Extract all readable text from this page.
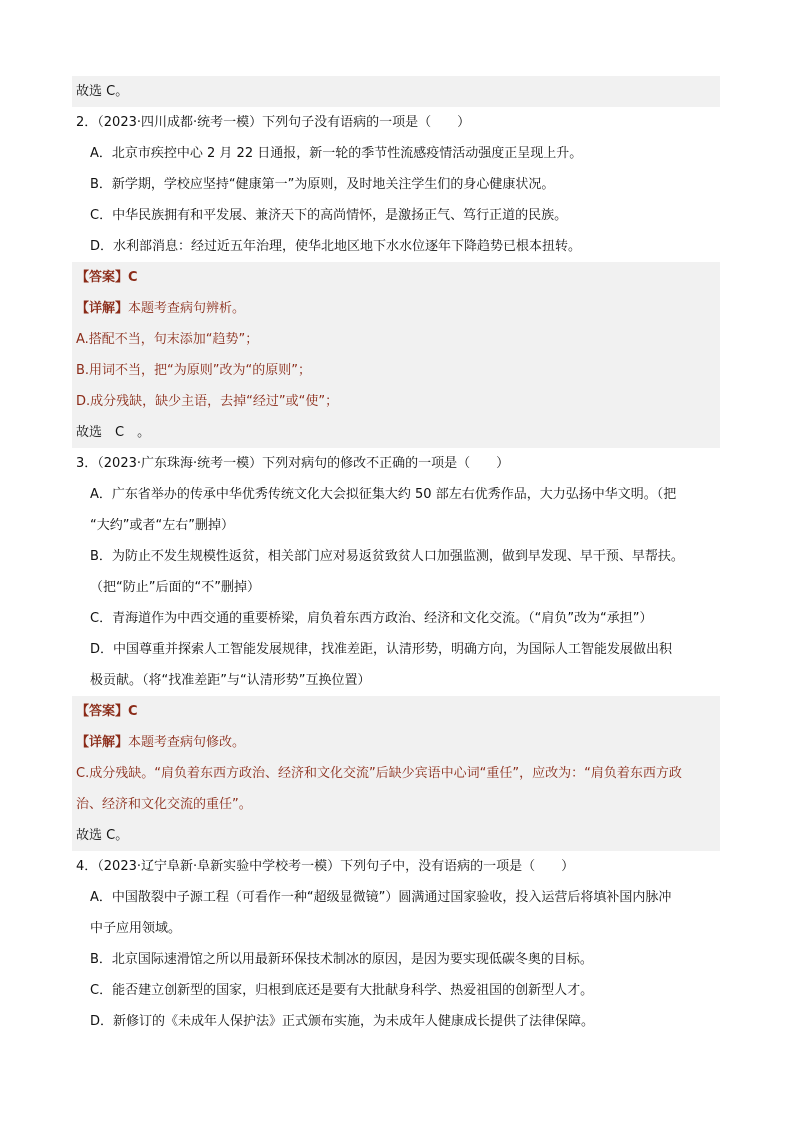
故选 C。
2．（2023·四川成都·统考一模）下列句子没有语病的一项是（　　）
A．北京市疾控中心 2 月 22 日通报，新一轮的季节性流感疫情活动强度正呈现上升。
B．新学期，学校应坚持“健康第一”为原则，及时地关注学生们的身心健康状况。
C．中华民族拥有和平发展、兼济天下的高尚情怀，是激扬正气、笃行正道的民族。
D．水利部消息：经过近五年治理，使华北地区地下水水位逐年下降趋势已根本扭转。
【答案】C
【详解】本题考查病句辨析。
A.搭配不当，句末添加“趋势”；
B.用词不当，把“为原则”改为“的原则”；
D.成分残缺，缺少主语，去掉“经过”或“使”；
故选　C　。
3．（2023·广东珠海·统考一模）下列对病句的修改不正确的一项是（　　）
A．广东省举办的传承中华优秀传统文化大会拟征集大约 50 部左右优秀作品，大力弘扬中华文明。（把
“大约”或者“左右”删掉）
B．为防止不发生规模性返贫，相关部门应对易返贫致贫人口加强监测，做到早发现、早干预、早帮扶。
（把“防止”后面的“不”删掉）
C．青海道作为中西交通的重要桥梁，肩负着东西方政治、经济和文化交流。（“肩负”改为“承担”）
D．中国尊重并探索人工智能发展规律，找准差距，认清形势，明确方向，为国际人工智能发展做出积
极贡献。（将“找准差距”与“认清形势”互换位置）
【答案】C
【详解】本题考查病句修改。
C.成分残缺。“肩负着东西方政治、经济和文化交流”后缺少宾语中心词“重任”，应改为：“肩负着东西方政
治、经济和文化交流的重任”。
故选 C。
4．（2023·辽宁阜新·阜新实验中学校考一模）下列句子中，没有语病的一项是（　　）
A．中国散裂中子源工程（可看作一种“超级显微镜”）圆满通过国家验收，投入运营后将填补国内脉冲
中子应用领域。
B．北京国际速滑馆之所以用最新环保技术制冰的原因，是因为要实现低碳冬奥的目标。
C．能否建立创新型的国家，归根到底还是要有大批献身科学、热爱祖国的创新型人才。
D．新修订的《未成年人保护法》正式颁布实施，为未成年人健康成长提供了法律保障。
